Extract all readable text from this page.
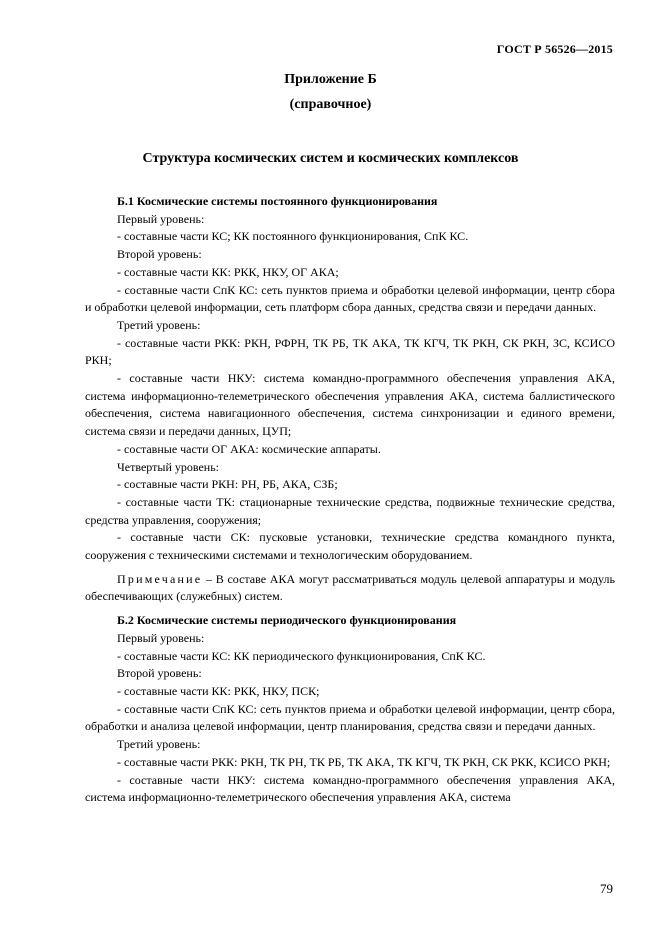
ГОСТ Р 56526—2015
Приложение Б
(справочное)
Структура космических систем и космических комплексов

Б.1 Космические системы постоянного функционирования

Первый уровень:

- составные части КС; КК постоянного функционирования, СпК КС.

Второй уровень:

- составные части КК: РКК, НКУ, ОГ АКА;

- составные части СпК КС: сеть пунктов приема и обработки целевой информации, центр сбора и обработки целевой информации, сеть платформ сбора данных, средства связи и передачи данных.

Третий уровень:

- составные части РКК: РКН, РФРН, ТК РБ, ТК АКА, ТК КГЧ, ТК РКН, СК РКН, ЗС, КСИСО РКН;

- составные части НКУ: система командно-программного обеспечения управления АКА, система информационно-телеметрического обеспечения управления АКА, система баллистического обеспечения, система навигационного обеспечения, система синхронизации и единого времени, система связи и передачи данных, ЦУП;

- составные части ОГ АКА: космические аппараты.

Четвертый уровень:

- составные части РКН: РН, РБ, АКА, СЗБ;

- составные части ТК: стационарные технические средства, подвижные технические средства, средства управления, сооружения;

- составные части СК: пусковые установки, технические средства командного пункта, сооружения с техническими системами и технологическим оборудованием.

Примечание – В составе АКА могут рассматриваться модуль целевой аппаратуры и модуль обеспечивающих (служебных) систем.

Б.2 Космические системы периодического функционирования

Первый уровень:

- составные части КС: КК периодического функционирования, СпК КС.

Второй уровень:

- составные части КК: РКК, НКУ, ПСК;

- составные части СпК КС: сеть пунктов приема и обработки целевой информации, центр сбора, обработки и анализа целевой информации, центр планирования, средства связи и передачи данных.

Третий уровень:

- составные части РКК: РКН, ТК РН, ТК РБ, ТК АКА, ТК КГЧ, ТК РКН, СК РКК, КСИСО РКН;

- составные части НКУ: система командно-программного обеспечения управления АКА, система информационно-телеметрического обеспечения управления АКА, система

79
